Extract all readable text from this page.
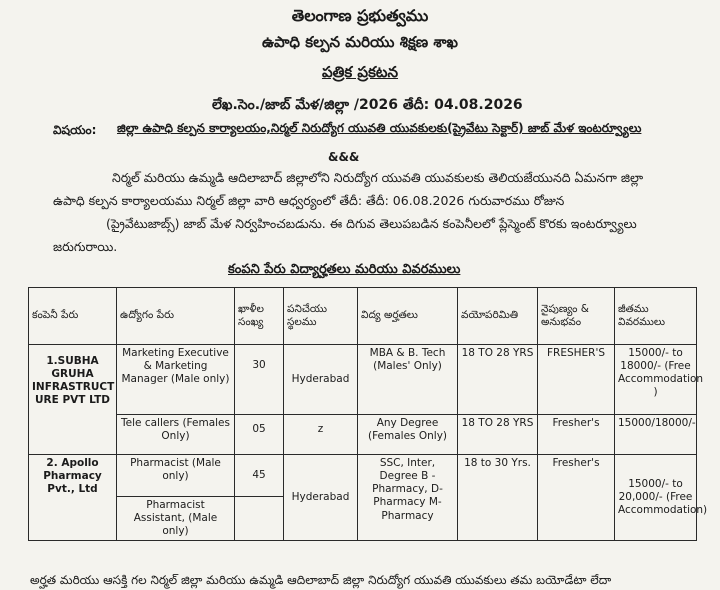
తెలంగాణ ప్రభుత్వము
ఉపాధి కల్పన మరియు శిక్షణ శాఖ
పత్రిక ప్రకటన
లేఖ.సెం./జాబ్ మేళ/జిల్లా /2026 తేదీ: 04.08.2026
విషయం: జిల్లా ఉపాధి కల్పన కార్యాలయం,నిర్మల్ నిరుద్యోగ యువతి యువకులకు(ప్రైవేటు సెక్టార్) జాబ్ మేళ ఇంటర్వ్యూలు
&&&
నిర్మల్ మరియు ఉమ్మడి ఆదిలాబాద్ జిల్లాలోని నిరుద్యోగ యువతి యువకులకు తెలియజేయునది ఏమనగా జిల్లా
ఉపాధి కల్పన కార్యాలయము నిర్మల్ జిల్లా వారి ఆధ్వర్యంలో తేదీ: తేదీ: 06.08.2026 గురువారము రోజున
(ప్రైవేటుజాబ్స్) జాబ్ మేళ నిర్వహించబడును. ఈ దిగువ తెలుపబడిన కంపెనీలలో ప్లేస్మెంట్ కొరకు ఇంటర్వ్యూలు
జరుగురాయి.
కంపని పేరు విద్యార్హతలు మరియు వివరములు
కంపెనీ పేరు	ఉద్యోగం పేరు	ఖాళీల సంఖ్య	పనిచేయు స్థలము	విద్య అర్హతలు	వయోపరిమితి	నైపుణ్యం & అనుభవం	జీతము వివరములు
1.SUBHA GRUHA INFRASTRUCT URE PVT LTD	Marketing Executive & Marketing Manager (Male only)	30	Hyderabad	MBA & B. Tech (Males' Only)	18 TO 28 YRS	FRESHER'S	15000/- to 18000/- (Free Accommodation )
	Tele callers (Females Only)	05	z	Any Degree (Females Only)	18 TO 28 YRS	Fresher's	15000/18000/-
2. Apollo Pharmacy Pvt., Ltd	Pharmacist (Male only)	45	Hyderabad	SSC, Inter, Degree B - Pharmacy, D- Pharmacy M- Pharmacy	18 to 30 Yrs.	Fresher's	15000/- to 20,000/- (Free Accommodation)
	Pharmacist Assistant, (Male only)						
అర్హత మరియు ఆసక్తి గల నిర్మల్ జిల్లా మరియు ఉమ్మడి ఆదిలాబాద్ జిల్లా నిరుద్యోగ యువతి యువకులు తమ బయోడేటా లేదా
